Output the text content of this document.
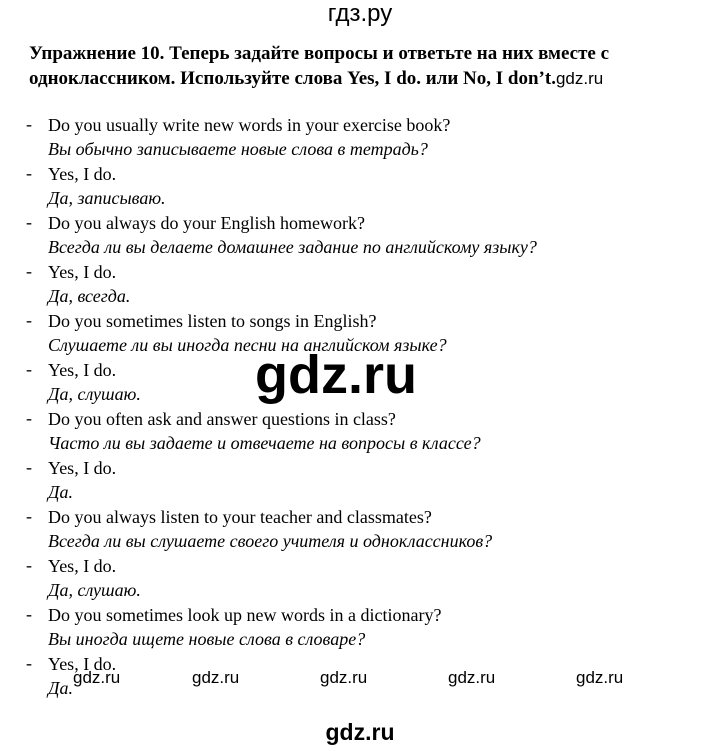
гдз.ру
Упражнение 10. Теперь задайте вопросы и ответьте на них вместе с одноклассником. Используйте слова Yes, I do. или No, I don’t.gdz.ru
- Do you usually write new words in your exercise book?
Вы обычно записываете новые слова в тетрадь?
- Yes, I do.
Да, записываю.
- Do you always do your English homework?
Всегда ли вы делаете домашнее задание по английскому языку?
- Yes, I do.
Да, всегда.
- Do you sometimes listen to songs in English?
Слушаете ли вы иногда песни на английском языке?
- Yes, I do.
Да, слушаю.
- Do you often ask and answer questions in class?
Часто ли вы задаете и отвечаете на вопросы в классе?
- Yes, I do.
Да.
- Do you always listen to your teacher and classmates?
Всегда ли вы слушаете своего учителя и одноклассников?
- Yes, I do.
Да, слушаю.
- Do you sometimes look up new words in a dictionary?
Вы иногда ищете новые слова в словаре?
- Yes, I do.
Да.
gdz.ru
gdz.ru	gdz.ru	gdz.ru	gdz.ru	gdz.ru
gdz.ru
